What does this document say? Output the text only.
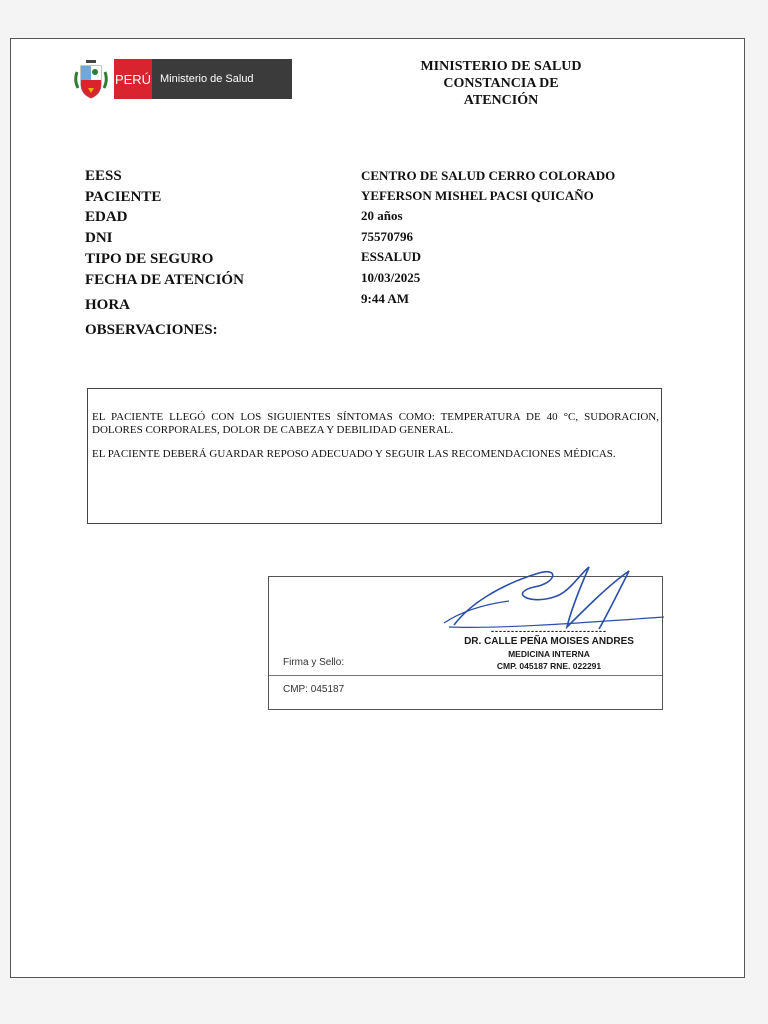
PERÚ Ministerio de Salud
MINISTERIO DE SALUD
CONSTANCIA DE
ATENCIÓN
EESS
PACIENTE
EDAD
DNI
TIPO DE SEGURO
FECHA DE ATENCIÓN
HORA
OBSERVACIONES:
CENTRO DE SALUD CERRO COLORADO
YEFERSON MISHEL PACSI QUICAÑO
20 años
75570796
ESSALUD
10/03/2025
9:44 AM

EL PACIENTE LLEGÓ CON LOS SIGUIENTES SÍNTOMAS COMO: TEMPERATURA DE 40 °C, SUDORACION, DOLORES CORPORALES, DOLOR DE CABEZA Y DEBILIDAD GENERAL.

EL PACIENTE DEBERÁ GUARDAR REPOSO ADECUADO Y SEGUIR LAS RECOMENDACIONES MÉDICAS.

-----------------------------
DR. CALLE PEÑA MOISES ANDRES
MEDICINA INTERNA
CMP. 045187 RNE. 022291
Firma y Sello:
CMP: 045187
